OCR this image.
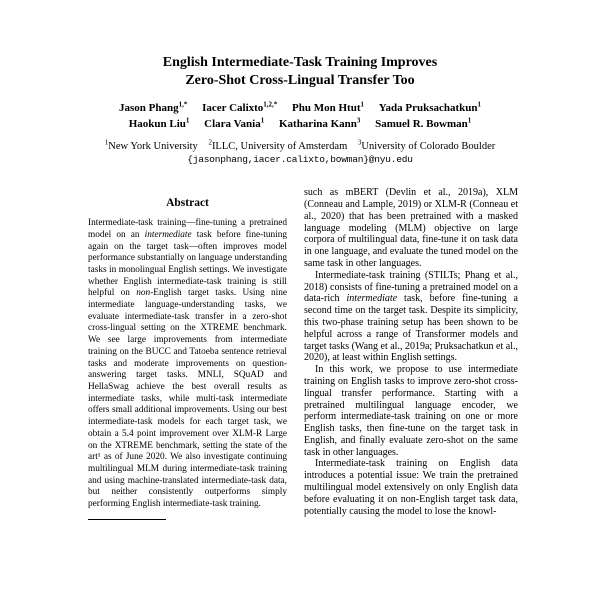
English Intermediate-Task Training Improves
Zero-Shot Cross-Lingual Transfer Too
Jason Phang$^{1,*}$ Iacer Calixto$^{1,2,*}$ Phu Mon Htut$^1$ Yada Pruksachatkun$^1$
Haokun Liu$^1$ Clara Vania$^1$ Katharina Kann$^3$ Samuel R. Bowman$^1$
$^1$New York University $^2$ILLC, University of Amsterdam $^3$University of Colorado Boulder
{jasonphang,iacer.calixto,bowman}@nyu.edu
Abstract
Intermediate-task training—fine-tuning a pretrained model on an intermediate task before fine-tuning again on the target task—often improves model performance substantially on language understanding tasks in monolingual English settings. We investigate whether English intermediate-task training is still helpful on non-English target tasks. Using nine intermediate language-understanding tasks, we evaluate intermediate-task transfer in a zero-shot cross-lingual setting on the XTREME benchmark. We see large improvements from intermediate training on the BUCC and Tatoeba sentence retrieval tasks and moderate improvements on question-answering target tasks. MNLI, SQuAD and HellaSwag achieve the best overall results as intermediate tasks, while multi-task intermediate offers small additional improvements. Using our best intermediate-task models for each target task, we obtain a 5.4 point improvement over XLM-R Large on the XTREME benchmark, setting the state of the art¹ as of June 2020. We also investigate continuing multilingual MLM during intermediate-task training and using machine-translated intermediate-task data, but neither consistently outperforms simply performing English intermediate-task training.

such as mBERT (Devlin et al., 2019a), XLM (Conneau and Lample, 2019) or XLM-R (Conneau et al., 2020) that has been pretrained with a masked language modeling (MLM) objective on large corpora of multilingual data, fine-tune it on task data in one language, and evaluate the tuned model on the same task in other languages.

Intermediate-task training (STILTs; Phang et al., 2018) consists of fine-tuning a pretrained model on a data-rich intermediate task, before fine-tuning a second time on the target task. Despite its simplicity, this two-phase training setup has been shown to be helpful across a range of Transformer models and target tasks (Wang et al., 2019a; Pruksachatkun et al., 2020), at least within English settings.

In this work, we propose to use intermediate training on English tasks to improve zero-shot cross-lingual transfer performance. Starting with a pretrained multilingual language encoder, we perform intermediate-task training on one or more English tasks, then fine-tune on the target task in English, and finally evaluate zero-shot on the same task in other languages.

Intermediate-task training on English data introduces a potential issue: We train the pretrained multilingual model extensively on only English data before evaluating it on non-English target task data, potentially causing the model to lose the knowl-
